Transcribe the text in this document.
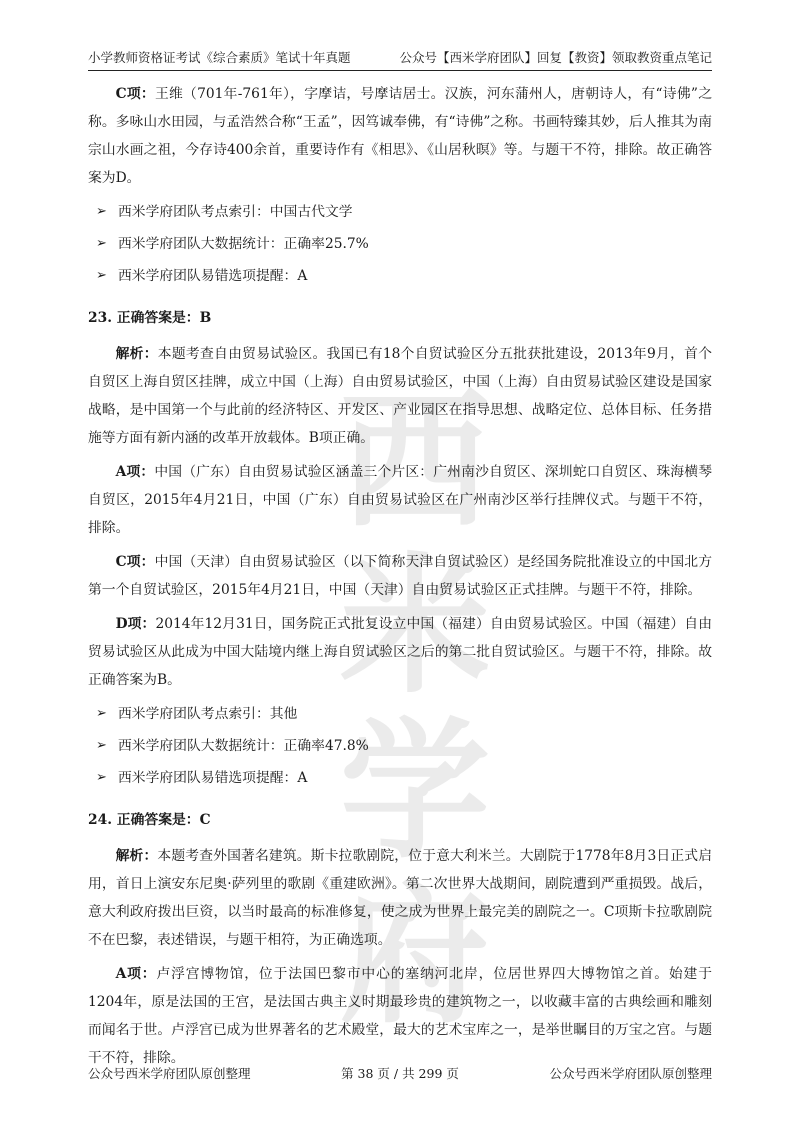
小学教师资格证考试《综合素质》笔试十年真题	公众号【西米学府团队】回复【教资】领取教资重点笔记
西米学府

C项：王维（701年-761年），字摩诘，号摩诘居士。汉族，河东蒲州人，唐朝诗人，有“诗佛”之称。多咏山水田园，与孟浩然合称“王孟”，因笃诚奉佛，有“诗佛”之称。书画特臻其妙，后人推其为南宗山水画之祖，今存诗400余首，重要诗作有《相思》、《山居秋暝》等。与题干不符，排除。故正确答案为D。

➢ 西米学府团队考点索引：中国古代文学
➢ 西米学府团队大数据统计：正确率25.7%
➢ 西米学府团队易错选项提醒：A
23. 正确答案是：B

解析：本题考查自由贸易试验区。我国已有18个自贸试验区分五批获批建设，2013年9月，首个自贸区上海自贸区挂牌，成立中国（上海）自由贸易试验区，中国（上海）自由贸易试验区建设是国家战略，是中国第一个与此前的经济特区、开发区、产业园区在指导思想、战略定位、总体目标、任务措施等方面有新内涵的改革开放载体。B项正确。

A项：中国（广东）自由贸易试验区涵盖三个片区：广州南沙自贸区、深圳蛇口自贸区、珠海横琴自贸区，2015年4月21日，中国（广东）自由贸易试验区在广州南沙区举行挂牌仪式。与题干不符，排除。

C项：中国（天津）自由贸易试验区（以下简称天津自贸试验区）是经国务院批准设立的中国北方第一个自贸试验区，2015年4月21日，中国（天津）自由贸易试验区正式挂牌。与题干不符，排除。

D项：2014年12月31日，国务院正式批复设立中国（福建）自由贸易试验区。中国（福建）自由贸易试验区从此成为中国大陆境内继上海自贸试验区之后的第二批自贸试验区。与题干不符，排除。故正确答案为B。

➢ 西米学府团队考点索引：其他
➢ 西米学府团队大数据统计：正确率47.8%
➢ 西米学府团队易错选项提醒：A
24. 正确答案是：C

解析：本题考查外国著名建筑。斯卡拉歌剧院，位于意大利米兰。大剧院于1778年8月3日正式启用，首日上演安东尼奥·萨列里的歌剧《重建欧洲》。第二次世界大战期间，剧院遭到严重损毁。战后，意大利政府拨出巨资，以当时最高的标准修复，使之成为世界上最完美的剧院之一。C项斯卡拉歌剧院不在巴黎，表述错误，与题干相符，为正确选项。

A项：卢浮宫博物馆，位于法国巴黎市中心的塞纳河北岸，位居世界四大博物馆之首。始建于1204年，原是法国的王宫，是法国古典主义时期最珍贵的建筑物之一，以收藏丰富的古典绘画和雕刻而闻名于世。卢浮宫已成为世界著名的艺术殿堂，最大的艺术宝库之一，是举世瞩目的万宝之宫。与题干不符，排除。

公众号西米学府团队原创整理	第 38 页 / 共 299 页	公众号西米学府团队原创整理
